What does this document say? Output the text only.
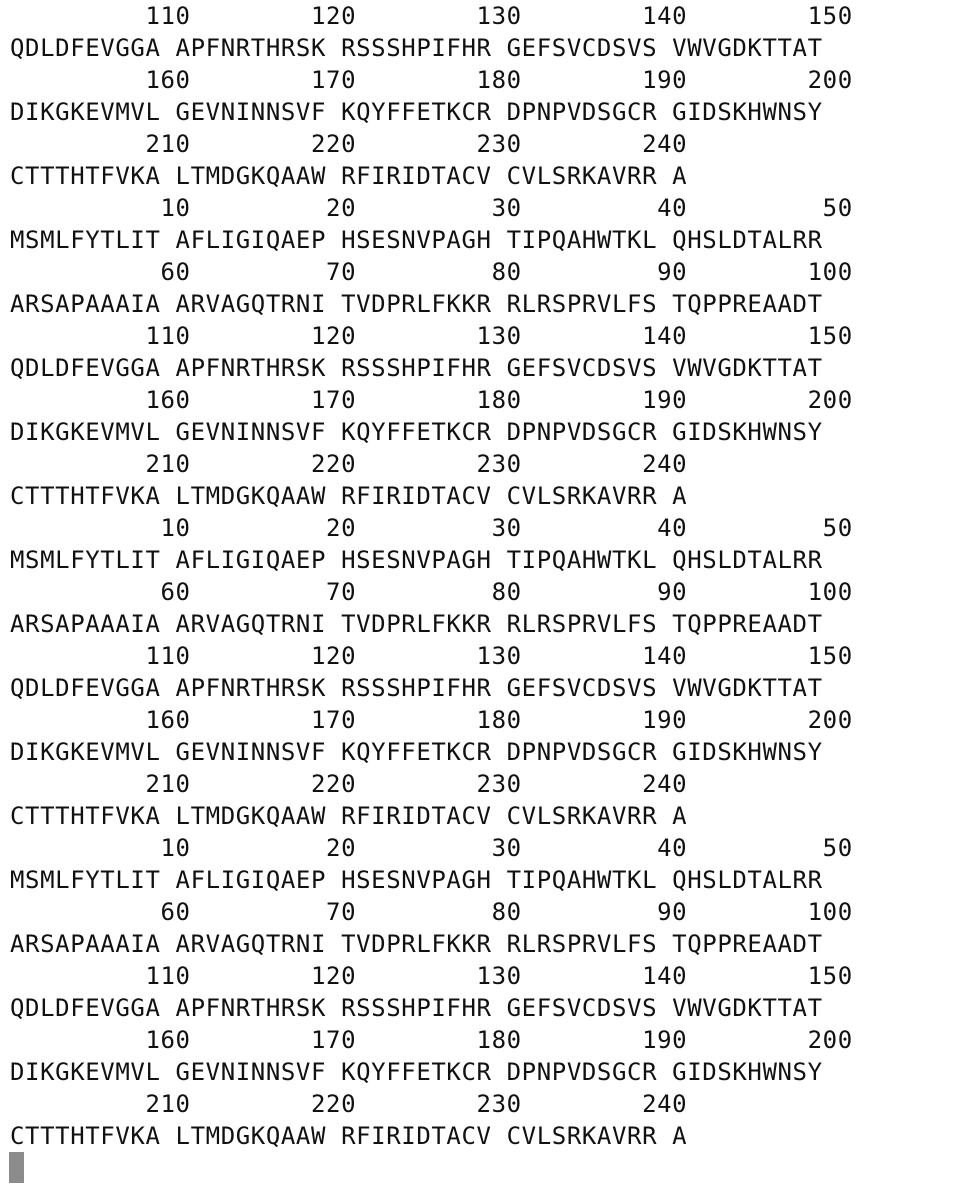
110        120        130        140        150
QDLDFEVGGA APFNRTHRSK RSSSHPIFHR GEFSVCDSVS VWVGDKTTAT
160        170        180        190        200
DIKGKEVMVL GEVNINNSVF KQYFFETKCR DPNPVDSGCR GIDSKHWNSY
210        220        230        240
CTTTHTFVKA LTMDGKQAAW RFIRIDTACV CVLSRKAVRR A
10         20         30         40         50
MSMLFYTLIT AFLIGIQAEP HSESNVPAGH TIPQAHWTKL QHSLDTALRR
60         70         80         90        100
ARSAPAAAIA ARVAGQTRNI TVDPRLFKKR RLRSPRVLFS TQPPREAADT
110        120        130        140        150
QDLDFEVGGA APFNRTHRSK RSSSHPIFHR GEFSVCDSVS VWVGDKTTAT
160        170        180        190        200
DIKGKEVMVL GEVNINNSVF KQYFFETKCR DPNPVDSGCR GIDSKHWNSY
210        220        230        240
CTTTHTFVKA LTMDGKQAAW RFIRIDTACV CVLSRKAVRR A
10         20         30         40         50
MSMLFYTLIT AFLIGIQAEP HSESNVPAGH TIPQAHWTKL QHSLDTALRR
60         70         80         90        100
ARSAPAAAIA ARVAGQTRNI TVDPRLFKKR RLRSPRVLFS TQPPREAADT
110        120        130        140        150
QDLDFEVGGA APFNRTHRSK RSSSHPIFHR GEFSVCDSVS VWVGDKTTAT
160        170        180        190        200
DIKGKEVMVL GEVNINNSVF KQYFFETKCR DPNPVDSGCR GIDSKHWNSY
210        220        230        240
CTTTHTFVKA LTMDGKQAAW RFIRIDTACV CVLSRKAVRR A
10         20         30         40         50
MSMLFYTLIT AFLIGIQAEP HSESNVPAGH TIPQAHWTKL QHSLDTALRR
60         70         80         90        100
ARSAPAAAIA ARVAGQTRNI TVDPRLFKKR RLRSPRVLFS TQPPREAADT
110        120        130        140        150
QDLDFEVGGA APFNRTHRSK RSSSHPIFHR GEFSVCDSVS VWVGDKTTAT
160        170        180        190        200
DIKGKEVMVL GEVNINNSVF KQYFFETKCR DPNPVDSGCR GIDSKHWNSY
210        220        230        240
CTTTHTFVKA LTMDGKQAAW RFIRIDTACV CVLSRKAVRR A
